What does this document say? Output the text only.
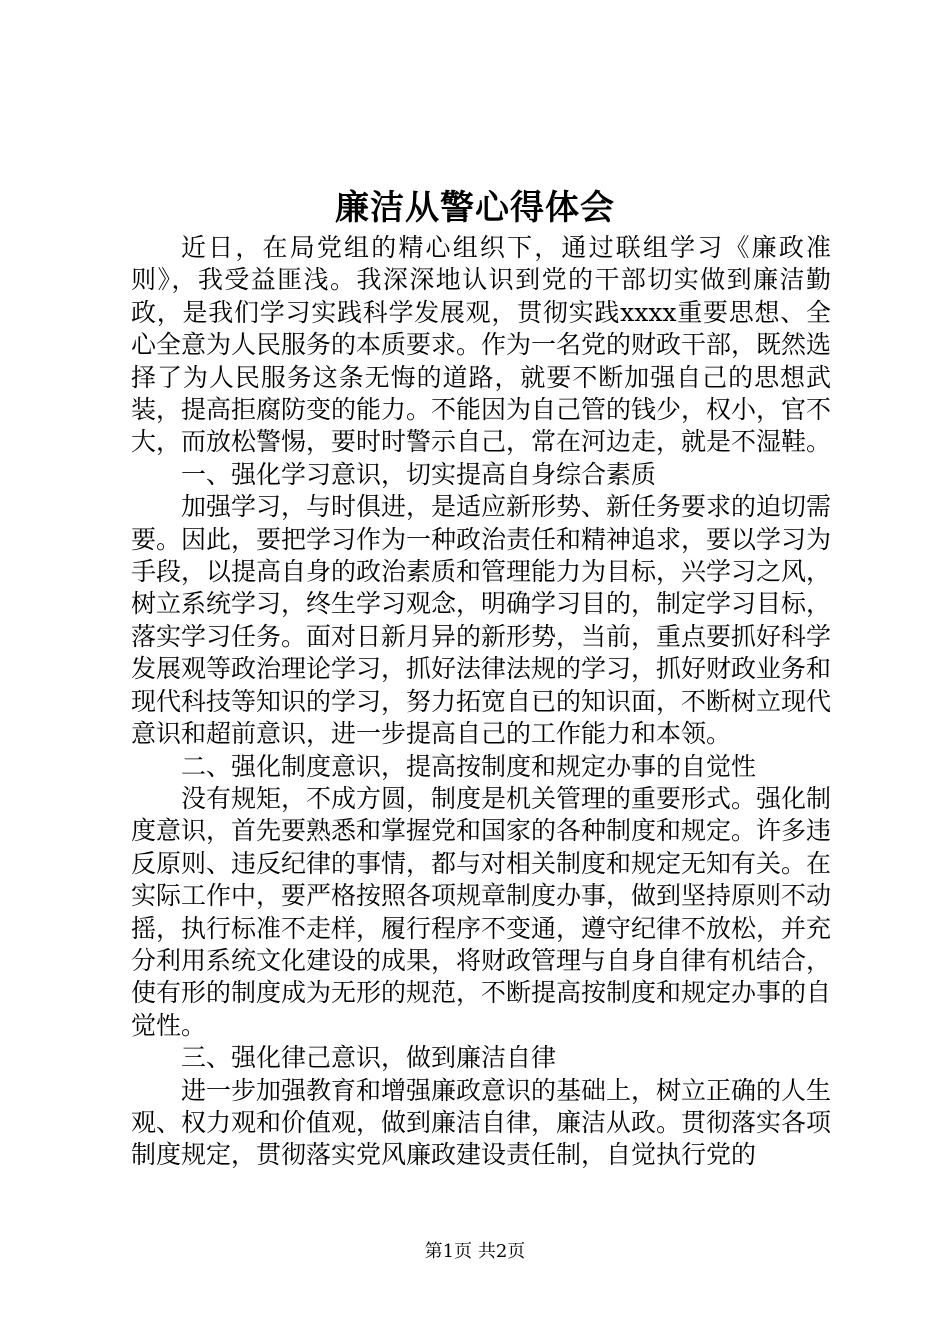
廉洁从警心得体会

近日，在局党组的精心组织下，通过联组学习《廉政准则》，我受益匪浅。我深深地认识到党的干部切实做到廉洁勤政，是我们学习实践科学发展观，贯彻实践xxxx重要思想、全心全意为人民服务的本质要求。作为一名党的财政干部，既然选择了为人民服务这条无悔的道路，就要不断加强自己的思想武装，提高拒腐防变的能力。不能因为自己管的钱少，权小，官不大，而放松警惕，要时时警示自己，常在河边走，就是不湿鞋。

一、强化学习意识，切实提高自身综合素质

加强学习，与时俱进，是适应新形势、新任务要求的迫切需要。因此，要把学习作为一种政治责任和精神追求，要以学习为手段，以提高自身的政治素质和管理能力为目标，兴学习之风，树立系统学习，终生学习观念，明确学习目的，制定学习目标，落实学习任务。面对日新月异的新形势，当前，重点要抓好科学发展观等政治理论学习，抓好法律法规的学习，抓好财政业务和现代科技等知识的学习，努力拓宽自已的知识面，不断树立现代意识和超前意识，进一步提高自己的工作能力和本领。

二、强化制度意识，提高按制度和规定办事的自觉性

没有规矩，不成方圆，制度是机关管理的重要形式。强化制度意识，首先要熟悉和掌握党和国家的各种制度和规定。许多违反原则、违反纪律的事情，都与对相关制度和规定无知有关。在实际工作中，要严格按照各项规章制度办事，做到坚持原则不动摇，执行标准不走样，履行程序不变通，遵守纪律不放松，并充分利用系统文化建设的成果，将财政管理与自身自律有机结合，使有形的制度成为无形的规范，不断提高按制度和规定办事的自觉性。

三、强化律己意识，做到廉洁自律

进一步加强教育和增强廉政意识的基础上，树立正确的人生观、权力观和价值观，做到廉洁自律，廉洁从政。贯彻落实各项制度规定，贯彻落实党风廉政建设责任制，自觉执行党的

第1页 共2页
